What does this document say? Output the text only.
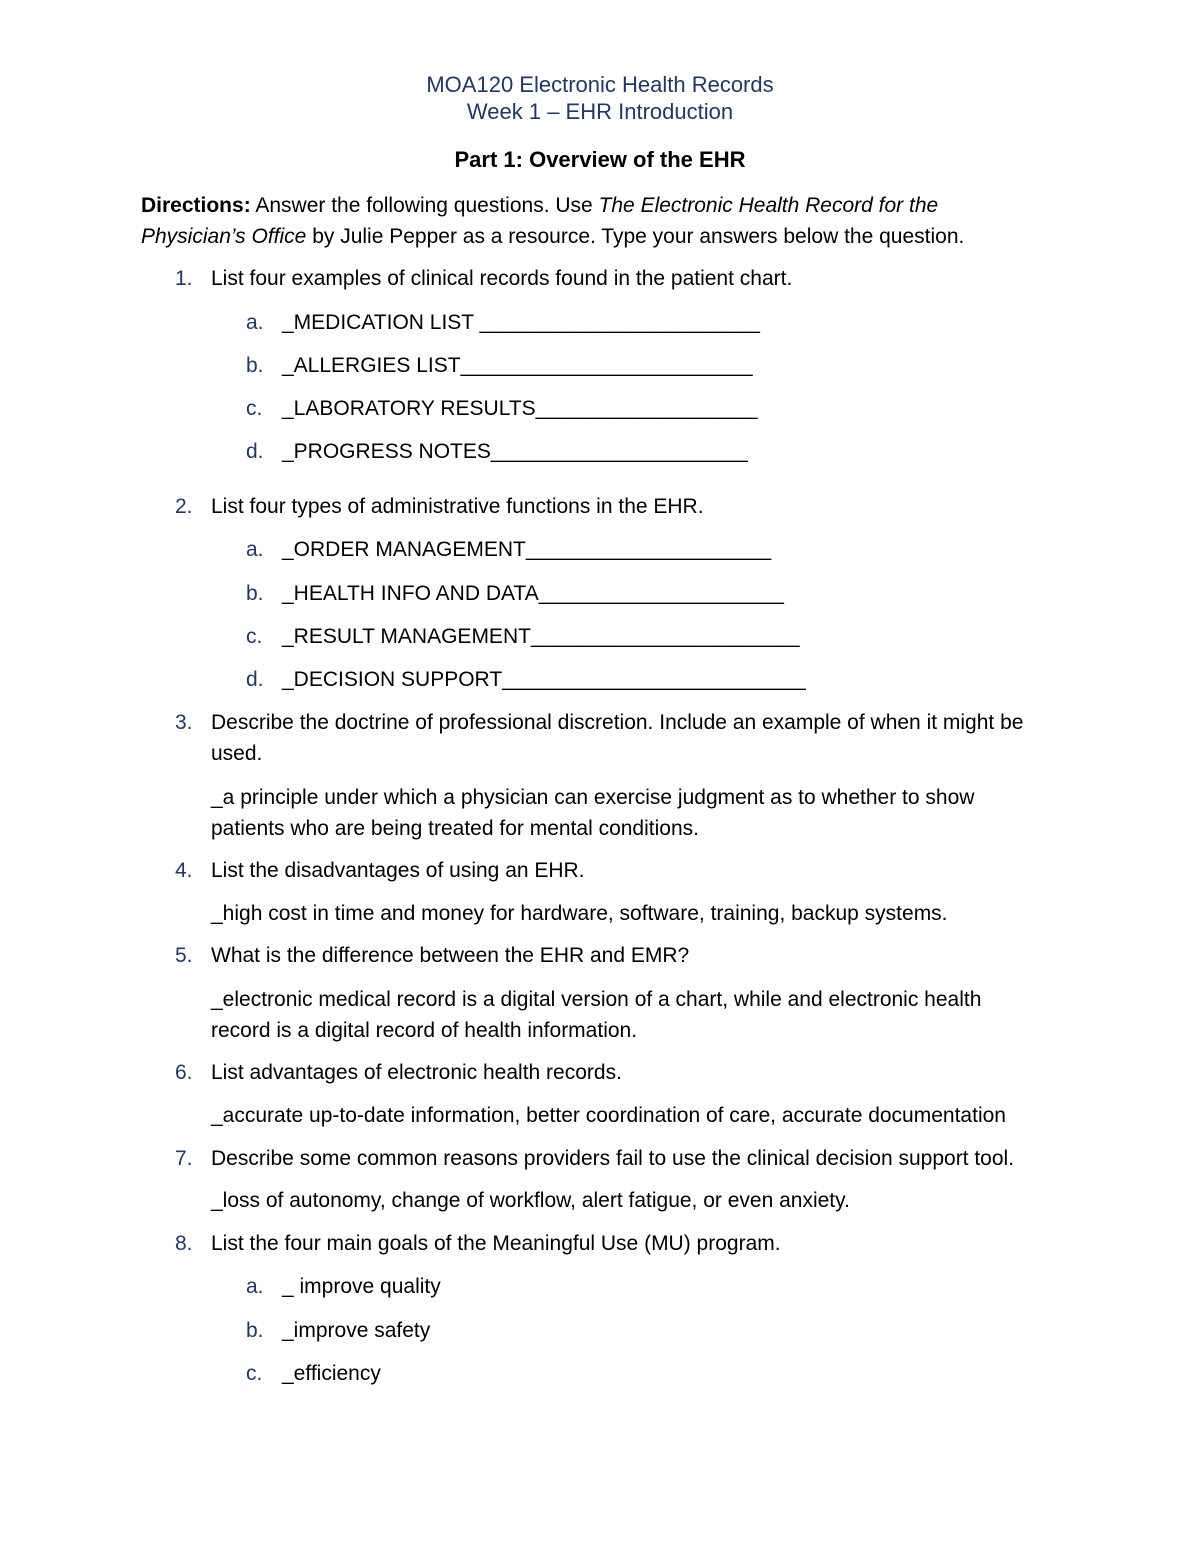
MOA120 Electronic Health Records
Week 1 – EHR Introduction
Part 1: Overview of the EHR
Directions: Answer the following questions. Use The Electronic Health Record for the Physician’s Office by Julie Pepper as a resource. Type your answers below the question.
1. List four examples of clinical records found in the patient chart.
a. _MEDICATION LIST ________________________
b. _ALLERGIES LIST_________________________
c. _LABORATORY RESULTS___________________
d. _PROGRESS NOTES______________________
2. List four types of administrative functions in the EHR.
a. _ORDER MANAGEMENT_____________________
b. _HEALTH INFO AND DATA_____________________
c. _RESULT MANAGEMENT_______________________
d. _DECISION SUPPORT__________________________
3. Describe the doctrine of professional discretion. Include an example of when it might be used.
_a principle under which a physician can exercise judgment as to whether to show patients who are being treated for mental conditions.
4. List the disadvantages of using an EHR.
_high cost in time and money for hardware, software, training, backup systems.
5. What is the difference between the EHR and EMR?
_electronic medical record is a digital version of a chart, while and electronic health record is a digital record of health information.
6. List advantages of electronic health records.
_accurate up-to-date information, better coordination of care, accurate documentation
7. Describe some common reasons providers fail to use the clinical decision support tool.
_loss of autonomy, change of workflow, alert fatigue, or even anxiety.
8. List the four main goals of the Meaningful Use (MU) program.
a. _ improve quality
b. _improve safety
c. _efficiency
